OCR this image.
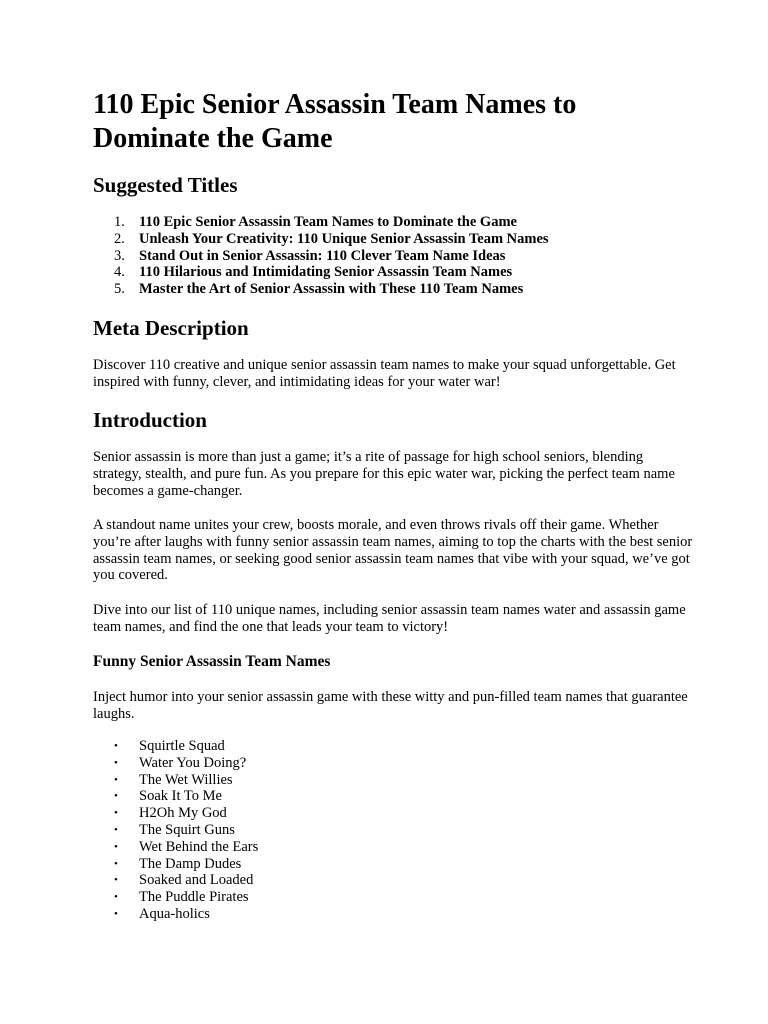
110 Epic Senior Assassin Team Names to Dominate the Game
Suggested Titles
1. 110 Epic Senior Assassin Team Names to Dominate the Game
2. Unleash Your Creativity: 110 Unique Senior Assassin Team Names
3. Stand Out in Senior Assassin: 110 Clever Team Name Ideas
4. 110 Hilarious and Intimidating Senior Assassin Team Names
5. Master the Art of Senior Assassin with These 110 Team Names
Meta Description

Discover 110 creative and unique senior assassin team names to make your squad unforgettable. Get inspired with funny, clever, and intimidating ideas for your water war!

Introduction

Senior assassin is more than just a game; it’s a rite of passage for high school seniors, blending strategy, stealth, and pure fun. As you prepare for this epic water war, picking the perfect team name becomes a game-changer.

A standout name unites your crew, boosts morale, and even throws rivals off their game. Whether you’re after laughs with funny senior assassin team names, aiming to top the charts with the best senior assassin team names, or seeking good senior assassin team names that vibe with your squad, we’ve got you covered.

Dive into our list of 110 unique names, including senior assassin team names water and assassin game team names, and find the one that leads your team to victory!

Funny Senior Assassin Team Names

Inject humor into your senior assassin game with these witty and pun-filled team names that guarantee laughs.

• Squirtle Squad
• Water You Doing?
• The Wet Willies
• Soak It To Me
• H2Oh My God
• The Squirt Guns
• Wet Behind the Ears
• The Damp Dudes
• Soaked and Loaded
• The Puddle Pirates
• Aqua-holics
